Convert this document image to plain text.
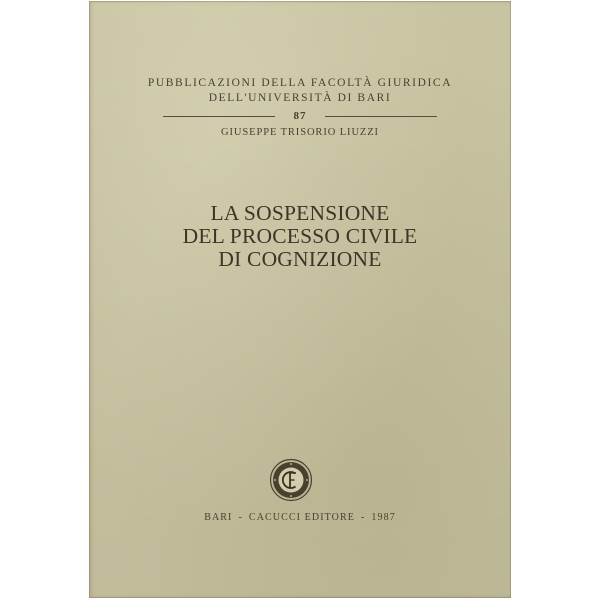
PUBBLICAZIONI DELLA FACOLTÀ GIURIDICA
DELL'UNIVERSITÀ DI BARI
87
GIUSEPPE TRISORIO LIUZZI
LA SOSPENSIONE
DEL PROCESSO CIVILE
DI COGNIZIONE
BARI - CACUCCI EDITORE - 1987
